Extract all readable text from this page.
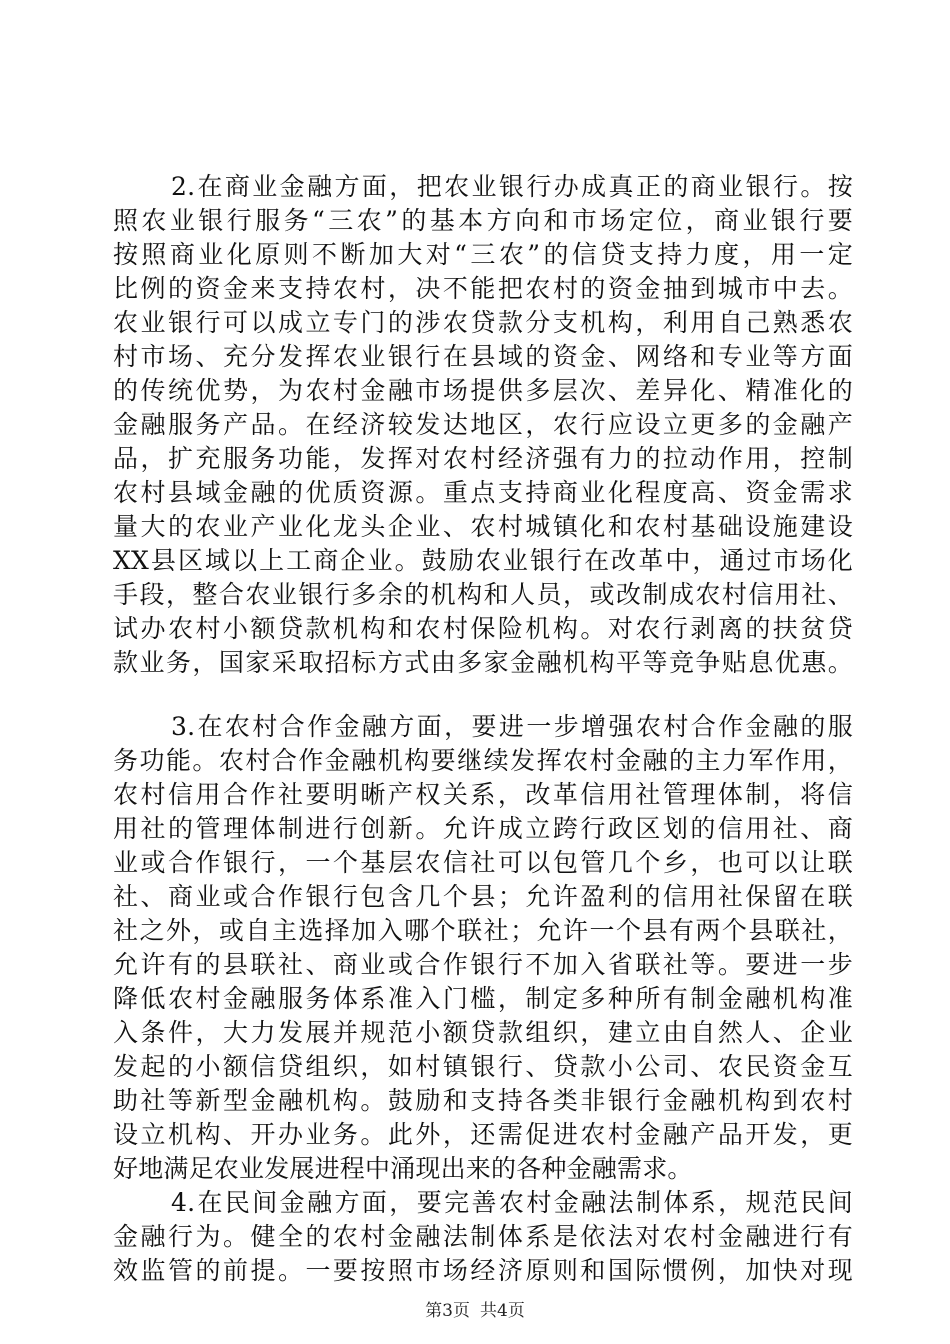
2.在商业金融方面，把农业银行办成真正的商业银行。按
照农业银行服务“三农”的基本方向和市场定位，商业银行要
按照商业化原则不断加大对“三农”的信贷支持力度，用一定
比例的资金来支持农村，决不能把农村的资金抽到城市中去。
农业银行可以成立专门的涉农贷款分支机构，利用自己熟悉农
村市场、充分发挥农业银行在县域的资金、网络和专业等方面
的传统优势，为农村金融市场提供多层次、差异化、精准化的
金融服务产品。在经济较发达地区，农行应设立更多的金融产
品，扩充服务功能，发挥对农村经济强有力的拉动作用，控制
农村县域金融的优质资源。重点支持商业化程度高、资金需求
量大的农业产业化龙头企业、农村城镇化和农村基础设施建设
XX县区域以上工商企业。鼓励农业银行在改革中，通过市场化
手段，整合农业银行多余的机构和人员，或改制成农村信用社、
试办农村小额贷款机构和农村保险机构。对农行剥离的扶贫贷
款业务，国家采取招标方式由多家金融机构平等竞争贴息优惠。
3.在农村合作金融方面，要进一步增强农村合作金融的服
务功能。农村合作金融机构要继续发挥农村金融的主力军作用，
农村信用合作社要明晰产权关系，改革信用社管理体制，将信
用社的管理体制进行创新。允许成立跨行政区划的信用社、商
业或合作银行，一个基层农信社可以包管几个乡，也可以让联
社、商业或合作银行包含几个县；允许盈利的信用社保留在联
社之外，或自主选择加入哪个联社；允许一个县有两个县联社，
允许有的县联社、商业或合作银行不加入省联社等。要进一步
降低农村金融服务体系准入门槛，制定多种所有制金融机构准
入条件，大力发展并规范小额贷款组织，建立由自然人、企业
发起的小额信贷组织，如村镇银行、贷款小公司、农民资金互
助社等新型金融机构。鼓励和支持各类非银行金融机构到农村
设立机构、开办业务。此外，还需促进农村金融产品开发，更
好地满足农业发展进程中涌现出来的各种金融需求。
4.在民间金融方面，要完善农村金融法制体系，规范民间
金融行为。健全的农村金融法制体系是依法对农村金融进行有
效监管的前提。一要按照市场经济原则和国际惯例，加快对现
第3页 共4页
